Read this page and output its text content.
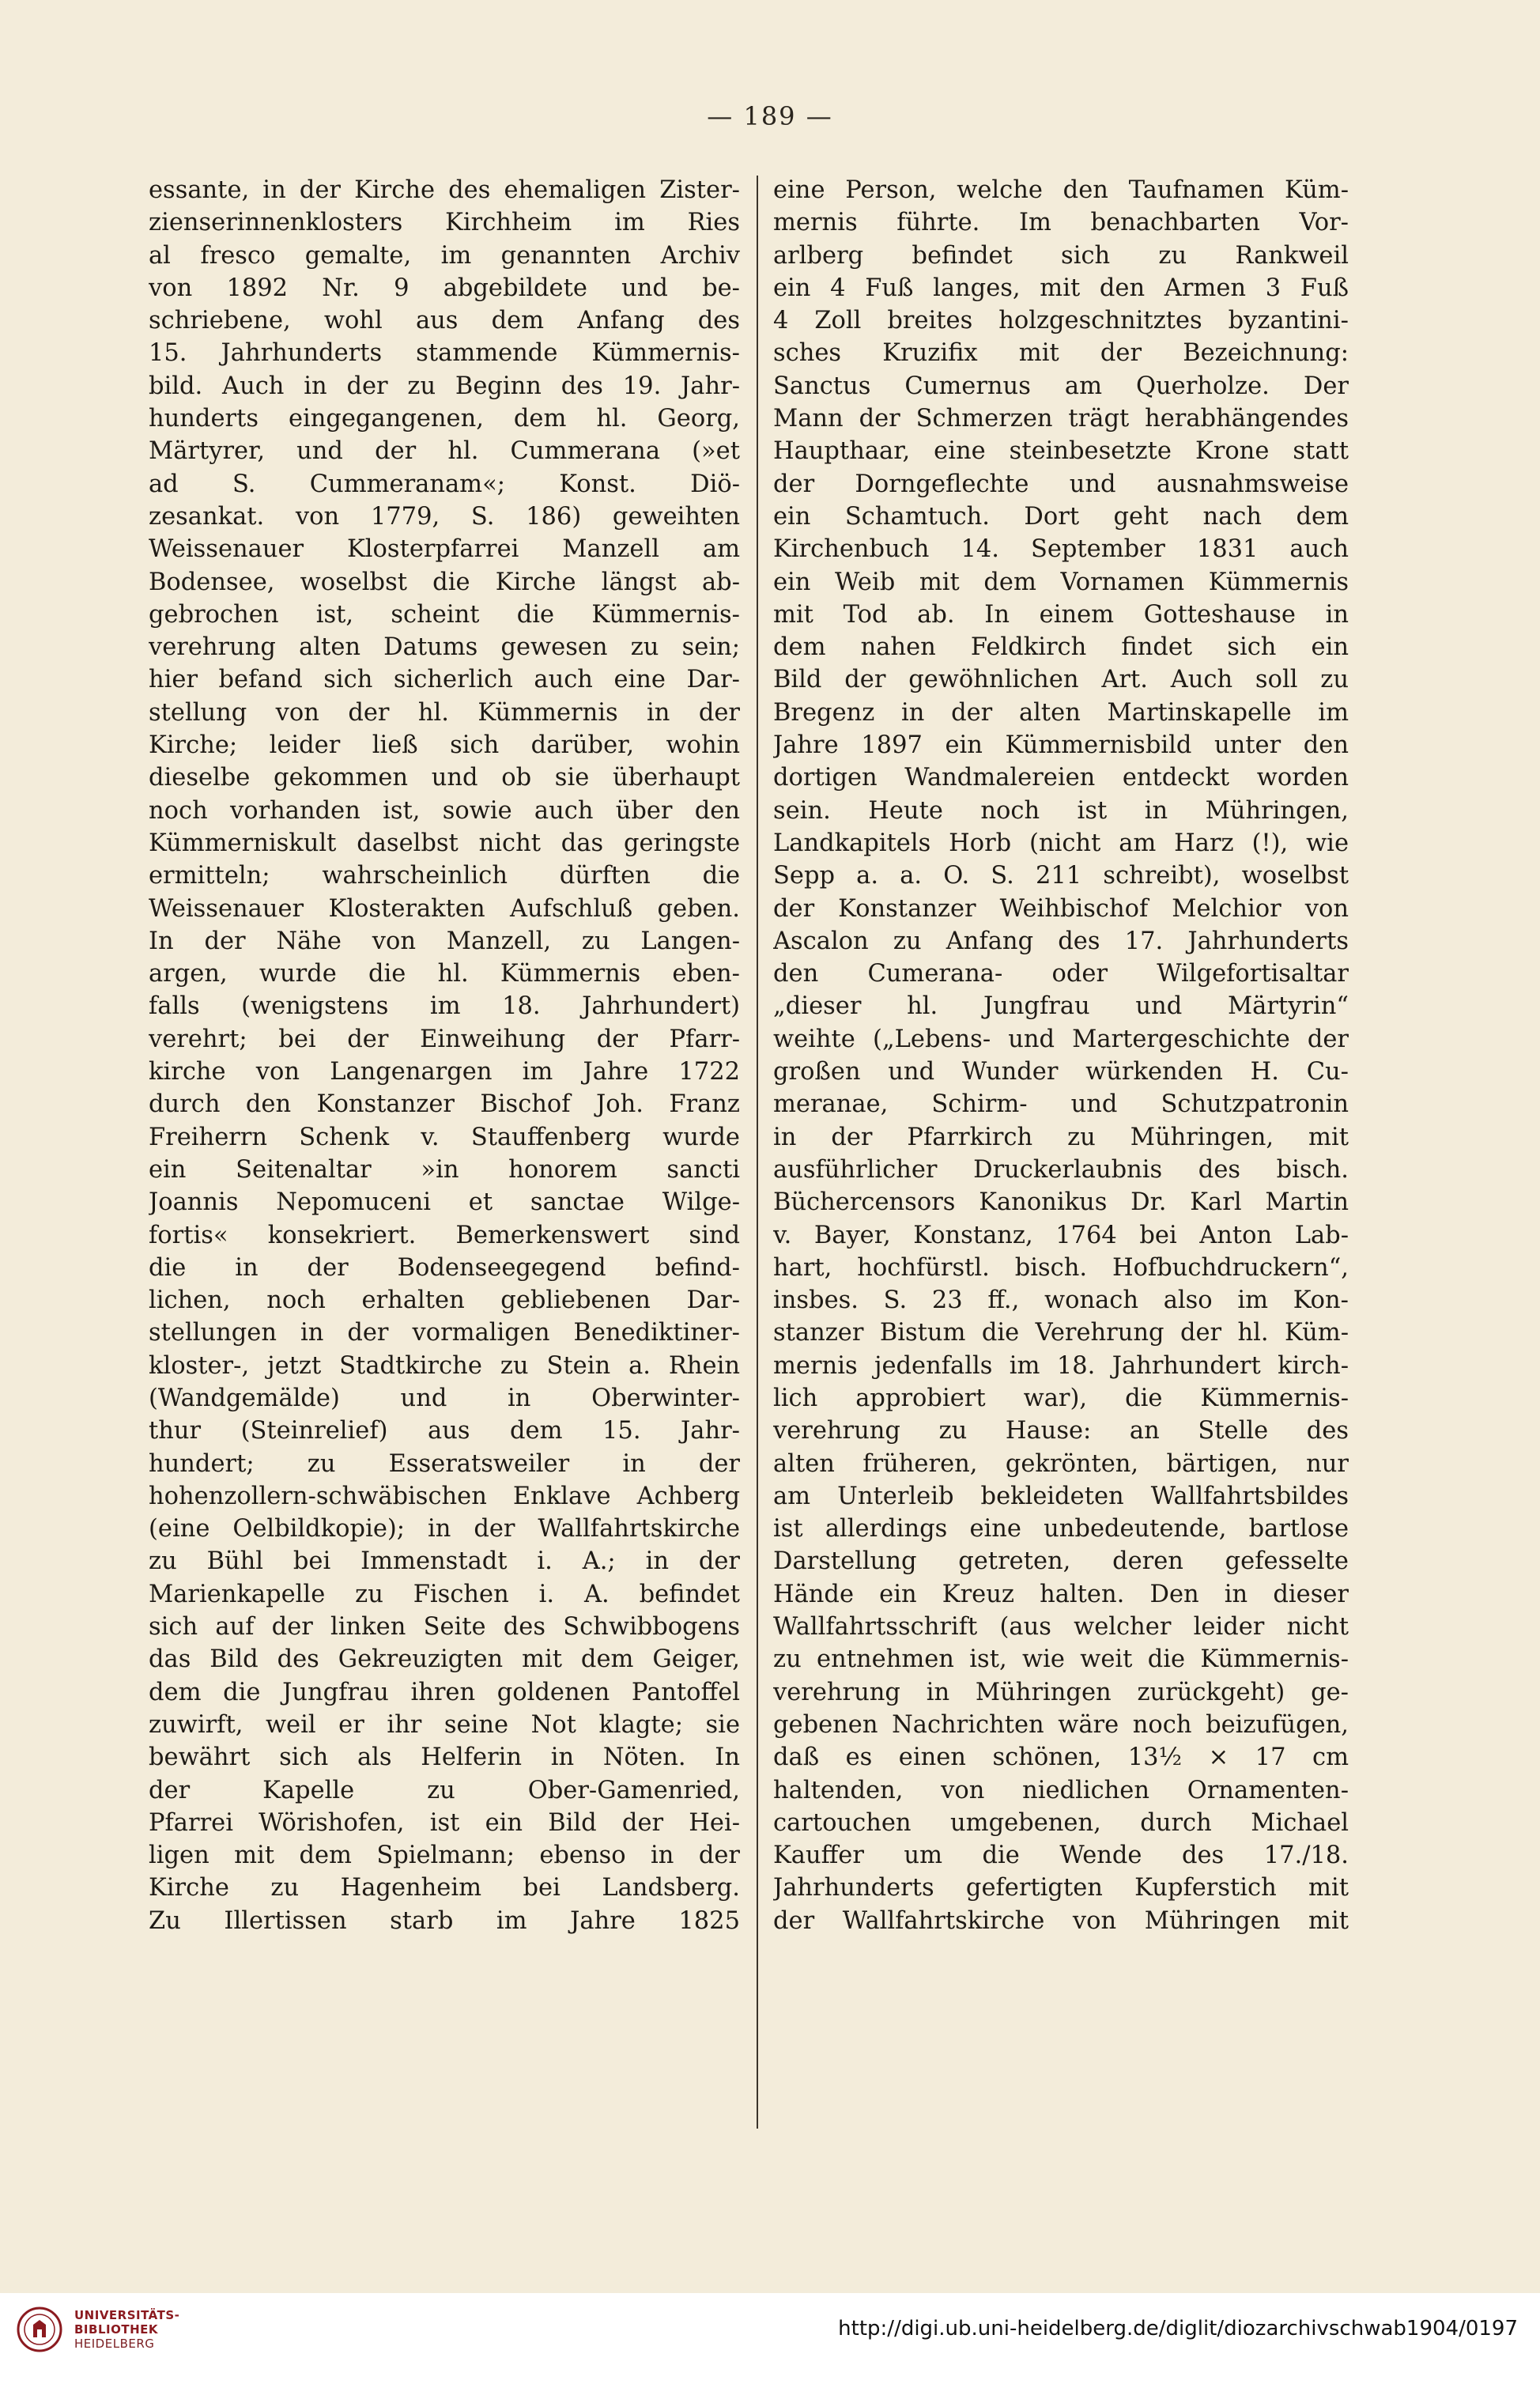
— 189 —
essante, in der Kirche des ehemaligen Zister-
zienserinnenklosters Kirchheim im Ries
al fresco gemalte, im genannten Archiv
von 1892 Nr. 9 abgebildete und be-
schriebene, wohl aus dem Anfang des
15. Jahrhunderts stammende Kümmernis-
bild. Auch in der zu Beginn des 19. Jahr-
hunderts eingegangenen, dem hl. Georg,
Märtyrer, und der hl. Cummerana (»et
ad S. Cummeranam«; Konst. Diö-
zesankat. von 1779, S. 186) geweihten
Weissenauer Klosterpfarrei Manzell am
Bodensee, woselbst die Kirche längst ab-
gebrochen ist, scheint die Kümmernis-
verehrung alten Datums gewesen zu sein;
hier befand sich sicherlich auch eine Dar-
stellung von der hl. Kümmernis in der
Kirche; leider ließ sich darüber, wohin
dieselbe gekommen und ob sie überhaupt
noch vorhanden ist, sowie auch über den
Kümmerniskult daselbst nicht das geringste
ermitteln; wahrscheinlich dürften die
Weissenauer Klosterakten Aufschluß geben.
In der Nähe von Manzell, zu Langen-
argen, wurde die hl. Kümmernis eben-
falls (wenigstens im 18. Jahrhundert)
verehrt; bei der Einweihung der Pfarr-
kirche von Langenargen im Jahre 1722
durch den Konstanzer Bischof Joh. Franz
Freiherrn Schenk v. Stauffenberg wurde
ein Seitenaltar »in honorem sancti
Joannis Nepomuceni et sanctae Wilge-
fortis« konsekriert. Bemerkenswert sind
die in der Bodenseegegend befind-
lichen, noch erhalten gebliebenen Dar-
stellungen in der vormaligen Benediktiner-
kloster-, jetzt Stadtkirche zu Stein a. Rhein
(Wandgemälde) und in Oberwinter-
thur (Steinrelief) aus dem 15. Jahr-
hundert; zu Esseratsweiler in der
hohenzollern-schwäbischen Enklave Achberg
(eine Oelbildkopie); in der Wallfahrtskirche
zu Bühl bei Immenstadt i. A.; in der
Marienkapelle zu Fischen i. A. befindet
sich auf der linken Seite des Schwibbogens
das Bild des Gekreuzigten mit dem Geiger,
dem die Jungfrau ihren goldenen Pantoffel
zuwirft, weil er ihr seine Not klagte; sie
bewährt sich als Helferin in Nöten. In
der Kapelle zu Ober-Gamenried,
Pfarrei Wörishofen, ist ein Bild der Hei-
ligen mit dem Spielmann; ebenso in der
Kirche zu Hagenheim bei Landsberg.
Zu Illertissen starb im Jahre 1825
eine Person, welche den Taufnamen Küm-
mernis führte. Im benachbarten Vor-
arlberg befindet sich zu Rankweil
ein 4 Fuß langes, mit den Armen 3 Fuß
4 Zoll breites holzgeschnitztes byzantini-
sches Kruzifix mit der Bezeichnung:
Sanctus Cumernus am Querholze. Der
Mann der Schmerzen trägt herabhängendes
Haupthaar, eine steinbesetzte Krone statt
der Dorngeflechte und ausnahmsweise
ein Schamtuch. Dort geht nach dem
Kirchenbuch 14. September 1831 auch
ein Weib mit dem Vornamen Kümmernis
mit Tod ab. In einem Gotteshause in
dem nahen Feldkirch findet sich ein
Bild der gewöhnlichen Art. Auch soll zu
Bregenz in der alten Martinskapelle im
Jahre 1897 ein Kümmernisbild unter den
dortigen Wandmalereien entdeckt worden
sein. Heute noch ist in Mühringen,
Landkapitels Horb (nicht am Harz (!), wie
Sepp a. a. O. S. 211 schreibt), woselbst
der Konstanzer Weihbischof Melchior von
Ascalon zu Anfang des 17. Jahrhunderts
den Cumerana- oder Wilgefortisaltar
„dieser hl. Jungfrau und Märtyrin“
weihte („Lebens- und Martergeschichte der
großen und Wunder würkenden H. Cu-
meranae, Schirm- und Schutzpatronin
in der Pfarrkirch zu Mühringen, mit
ausführlicher Druckerlaubnis des bisch.
Büchercensors Kanonikus Dr. Karl Martin
v. Bayer, Konstanz, 1764 bei Anton Lab-
hart, hochfürstl. bisch. Hofbuchdruckern“,
insbes. S. 23 ff., wonach also im Kon-
stanzer Bistum die Verehrung der hl. Küm-
mernis jedenfalls im 18. Jahrhundert kirch-
lich approbiert war), die Kümmernis-
verehrung zu Hause: an Stelle des
alten früheren, gekrönten, bärtigen, nur
am Unterleib bekleideten Wallfahrtsbildes
ist allerdings eine unbedeutende, bartlose
Darstellung getreten, deren gefesselte
Hände ein Kreuz halten. Den in dieser
Wallfahrtsschrift (aus welcher leider nicht
zu entnehmen ist, wie weit die Kümmernis-
verehrung in Mühringen zurückgeht) ge-
gebenen Nachrichten wäre noch beizufügen,
daß es einen schönen, 13½ × 17 cm
haltenden, von niedlichen Ornamenten-
cartouchen umgebenen, durch Michael
Kauffer um die Wende des 17./18.
Jahrhunderts gefertigten Kupferstich mit
der Wallfahrtskirche von Mühringen mit
UNIVERSITÄTS-
BIBLIOTHEK
HEIDELBERG
http://digi.ub.uni-heidelberg.de/diglit/diozarchivschwab1904/0197
